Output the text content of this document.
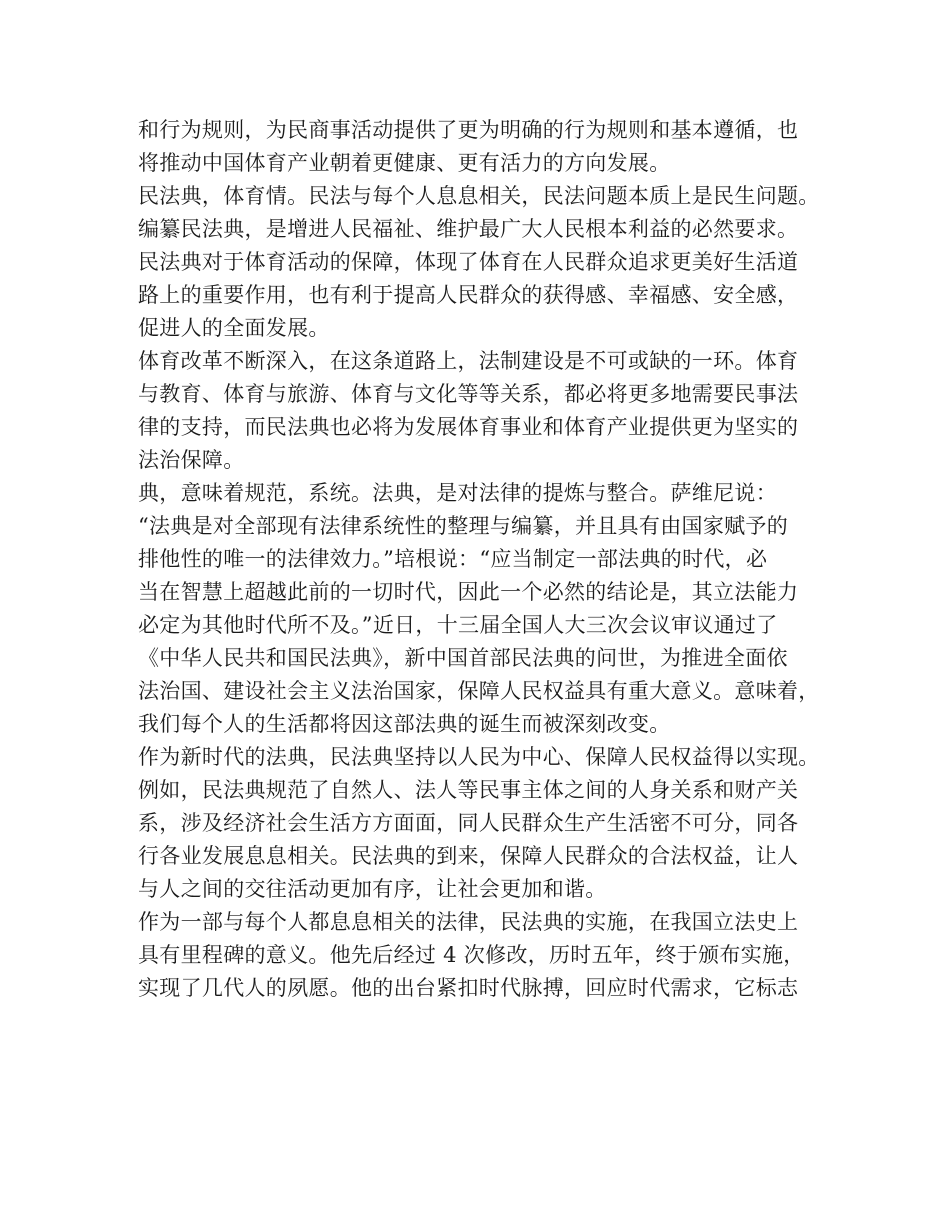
和行为规则，为民商事活动提供了更为明确的行为规则和基本遵循，也
将推动中国体育产业朝着更健康、更有活力的方向发展。
民法典，体育情。民法与每个人息息相关，民法问题本质上是民生问题。
编纂民法典，是增进人民福祉、维护最广大人民根本利益的必然要求。
民法典对于体育活动的保障，体现了体育在人民群众追求更美好生活道
路上的重要作用，也有利于提高人民群众的获得感、幸福感、安全感，
促进人的全面发展。
体育改革不断深入，在这条道路上，法制建设是不可或缺的一环。体育
与教育、体育与旅游、体育与文化等等关系，都必将更多地需要民事法
律的支持，而民法典也必将为发展体育事业和体育产业提供更为坚实的
法治保障。
典，意味着规范，系统。法典，是对法律的提炼与整合。萨维尼说：
“法典是对全部现有法律系统性的整理与编纂，并且具有由国家赋予的
排他性的唯一的法律效力。”培根说：“应当制定一部法典的时代，必
当在智慧上超越此前的一切时代，因此一个必然的结论是，其立法能力
必定为其他时代所不及。”近日，十三届全国人大三次会议审议通过了
《中华人民共和国民法典》，新中国首部民法典的问世，为推进全面依
法治国、建设社会主义法治国家，保障人民权益具有重大意义。意味着，
我们每个人的生活都将因这部法典的诞生而被深刻改变。
作为新时代的法典，民法典坚持以人民为中心、保障人民权益得以实现。
例如，民法典规范了自然人、法人等民事主体之间的人身关系和财产关
系，涉及经济社会生活方方面面，同人民群众生产生活密不可分，同各
行各业发展息息相关。民法典的到来，保障人民群众的合法权益，让人
与人之间的交往活动更加有序，让社会更加和谐。
作为一部与每个人都息息相关的法律，民法典的实施，在我国立法史上
具有里程碑的意义。他先后经过 4 次修改，历时五年，终于颁布实施，
实现了几代人的夙愿。他的出台紧扣时代脉搏，回应时代需求，它标志
